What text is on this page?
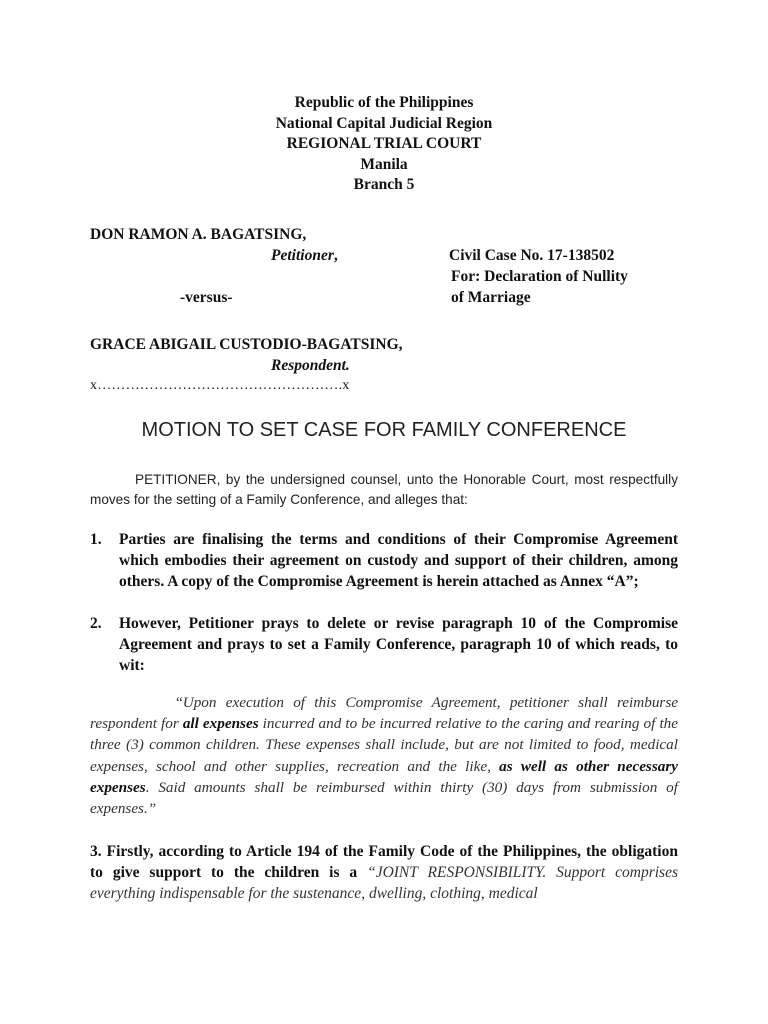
Republic of the Philippines
National Capital Judicial Region
REGIONAL TRIAL COURT
Manila
Branch 5
DON RAMON A. BAGATSING,
Petitioner,	Civil Case No. 17-138502
For: Declaration of Nullity
-versus-	of Marriage
GRACE ABIGAIL CUSTODIO-BAGATSING,
Respondent.
x…………………………………………….x
MOTION TO SET CASE FOR FAMILY CONFERENCE
PETITIONER, by the undersigned counsel, unto the Honorable Court, most respectfully moves for the setting of a Family Conference, and alleges that:
1. Parties are finalising the terms and conditions of their Compromise Agreement which embodies their agreement on custody and support of their children, among others. A copy of the Compromise Agreement is herein attached as Annex “A”;
2. However, Petitioner prays to delete or revise paragraph 10 of the Compromise Agreement and prays to set a Family Conference, paragraph 10 of which reads, to wit:
“Upon execution of this Compromise Agreement, petitioner shall reimburse respondent for all expenses incurred and to be incurred relative to the caring and rearing of the three (3) common children. These expenses shall include, but are not limited to food, medical expenses, school and other supplies, recreation and the like, as well as other necessary expenses. Said amounts shall be reimbursed within thirty (30) days from submission of expenses.”
3. Firstly, according to Article 194 of the Family Code of the Philippines, the obligation to give support to the children is a “JOINT RESPONSIBILITY. Support comprises everything indispensable for the sustenance, dwelling, clothing, medical
